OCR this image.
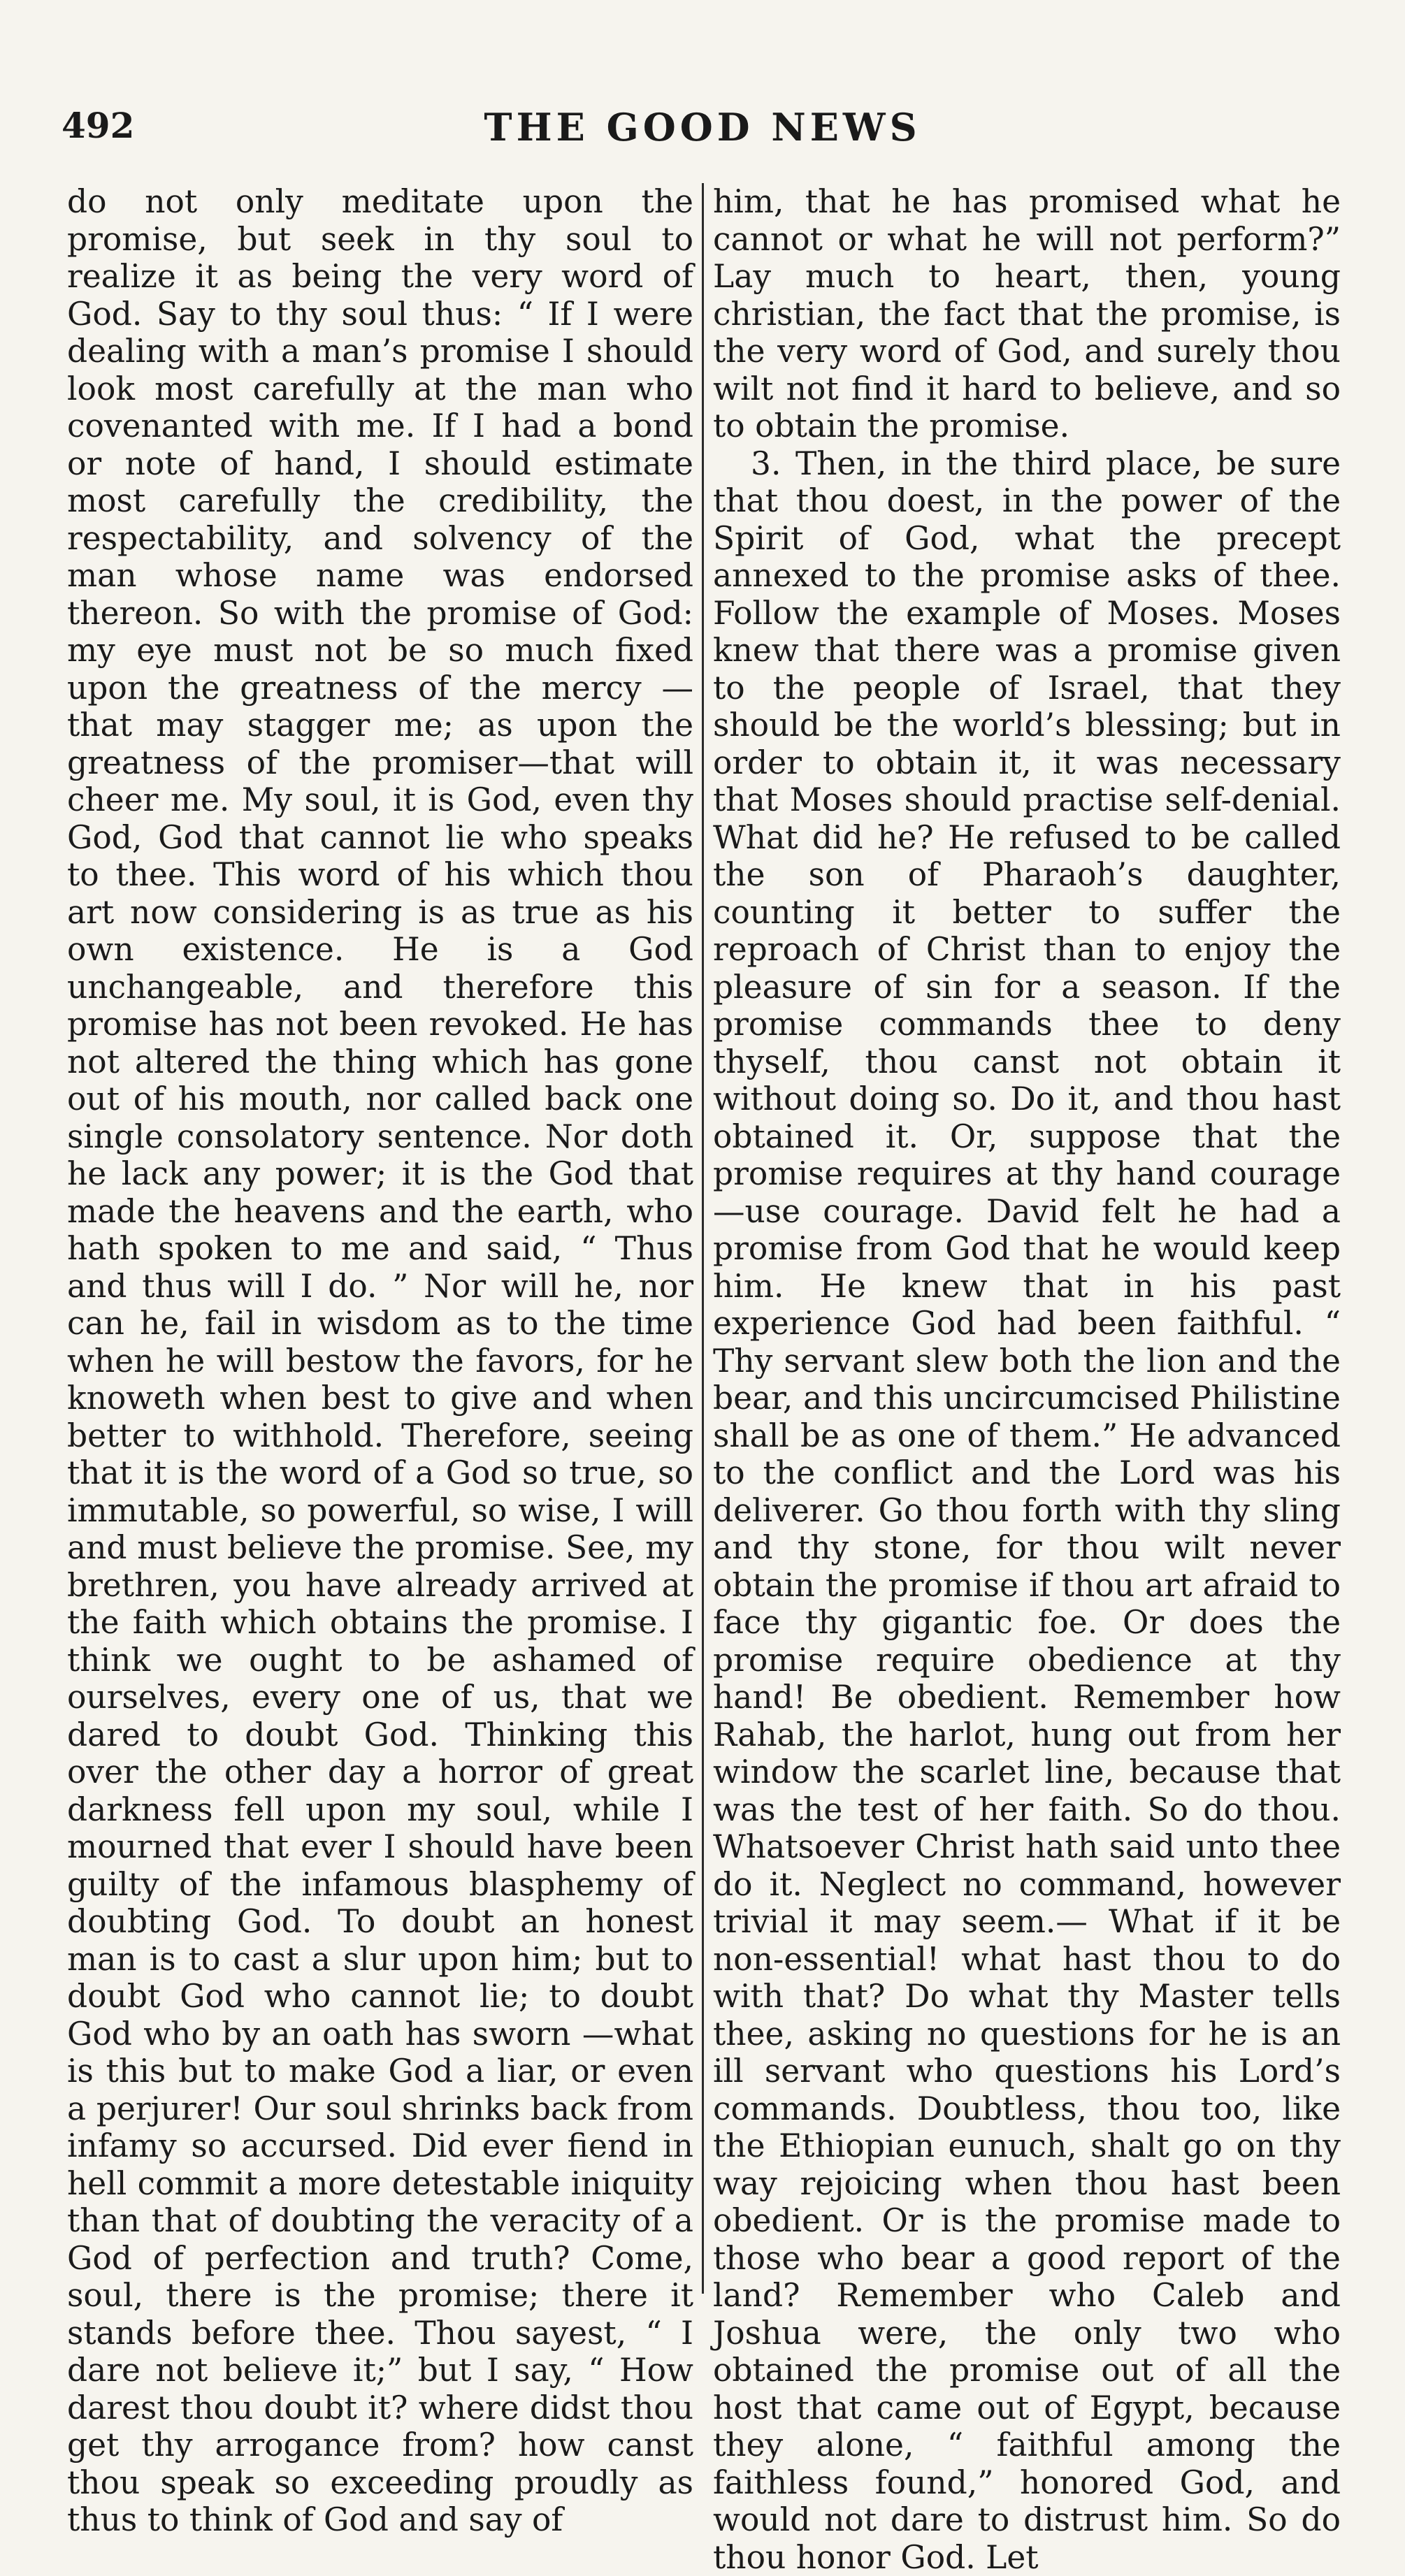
492	THE GOOD NEWS

do not only meditate upon the promise, but seek in thy soul to realize it as being the very word of God. Say to thy soul thus: “ If I were dealing with a man’s promise I should look most carefully at the man who covenanted with me. If I had a bond or note of hand, I should estimate most carefully the credibility, the respectability, and solvency of the man whose name was endorsed thereon. So with the promise of God: my eye must not be so much fixed upon the greatness of the mercy —that may stagger me; as upon the greatness of the promiser—that will cheer me. My soul, it is God, even thy God, God that cannot lie who speaks to thee. This word of his which thou art now considering is as true as his own existence. He is a God unchangeable, and therefore this promise has not been revoked. He has not altered the thing which has gone out of his mouth, nor called back one single consolatory sentence. Nor doth he lack any power; it is the God that made the heavens and the earth, who hath spoken to me and said, “ Thus and thus will I do. ” Nor will he, nor can he, fail in wisdom as to the time when he will bestow the favors, for he knoweth when best to give and when better to withhold. Therefore, seeing that it is the word of a God so true, so immutable, so powerful, so wise, I will and must believe the promise. See, my brethren, you have already arrived at the faith which obtains the promise. I think we ought to be ashamed of ourselves, every one of us, that we dared to doubt God. Thinking this over the other day a horror of great darkness fell upon my soul, while I mourned that ever I should have been guilty of the infamous blasphemy of doubting God. To doubt an honest man is to cast a slur upon him; but to doubt God who cannot lie; to doubt God who by an oath has sworn —what is this but to make God a liar, or even a perjurer! Our soul shrinks back from infamy so accursed. Did ever fiend in hell commit a more detestable iniquity than that of doubting the veracity of a God of perfection and truth? Come, soul, there is the promise; there it stands before thee. Thou sayest, “ I dare not believe it;” but I say, “ How darest thou doubt it? where didst thou get thy arrogance from? how canst thou speak so exceeding proudly as thus to think of God and say of

him, that he has promised what he cannot or what he will not perform?” Lay much to heart, then, young christian, the fact that the promise, is the very word of God, and surely thou wilt not find it hard to believe, and so to obtain the promise.

3. Then, in the third place, be sure that thou doest, in the power of the Spirit of God, what the precept annexed to the promise asks of thee. Follow the example of Moses. Moses knew that there was a promise given to the people of Israel, that they should be the world’s blessing; but in order to obtain it, it was necessary that Moses should practise self-denial. What did he? He refused to be called the son of Pharaoh’s daughter, counting it better to suffer the reproach of Christ than to enjoy the pleasure of sin for a season. If the promise commands thee to deny thyself, thou canst not obtain it without doing so. Do it, and thou hast obtained it. Or, suppose that the promise requires at thy hand courage—use courage. David felt he had a promise from God that he would keep him. He knew that in his past experience God had been faithful. “ Thy servant slew both the lion and the bear, and this uncircumcised Philistine shall be as one of them.” He advanced to the conflict and the Lord was his deliverer. Go thou forth with thy sling and thy stone, for thou wilt never obtain the promise if thou art afraid to face thy gigantic foe. Or does the promise require obedience at thy hand! Be obedient. Remember how Rahab, the harlot, hung out from her window the scarlet line, because that was the test of her faith. So do thou. Whatsoever Christ hath said unto thee do it. Neglect no command, however trivial it may seem.— What if it be non-essential! what hast thou to do with that? Do what thy Master tells thee, asking no questions for he is an ill servant who questions his Lord’s commands. Doubtless, thou too, like the Ethiopian eunuch, shalt go on thy way rejoicing when thou hast been obedient. Or is the promise made to those who bear a good report of the land? Remember who Caleb and Joshua were, the only two who obtained the promise out of all the host that came out of Egypt, because they alone, “ faithful among the faithless found,” honored God, and would not dare to distrust him. So do thou honor God. Let
